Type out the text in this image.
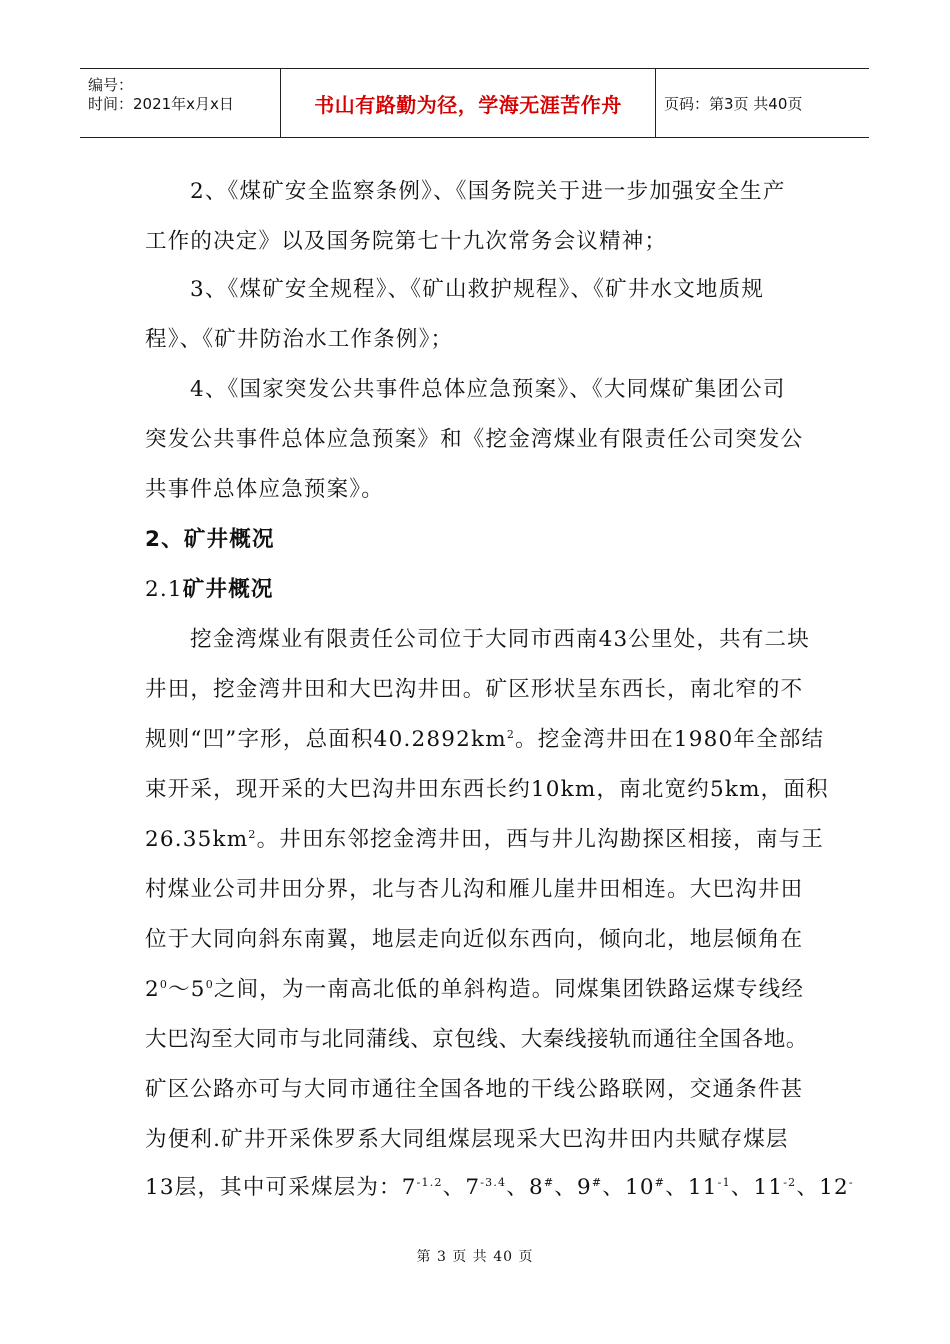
编号：
时间：2021年x月x日	书山有路勤为径，学海无涯苦作舟	页码：第3页 共40页
2、《煤矿安全监察条例》、《国务院关于进一步加强安全生产
工作的决定》以及国务院第七十九次常务会议精神；
3、《煤矿安全规程》、《矿山救护规程》、《矿井水文地质规
程》、《矿井防治水工作条例》；
4、《国家突发公共事件总体应急预案》、《大同煤矿集团公司
突发公共事件总体应急预案》和《挖金湾煤业有限责任公司突发公
共事件总体应急预案》。
2、矿井概况
2.1矿井概况
挖金湾煤业有限责任公司位于大同市西南43公里处，共有二块
井田，挖金湾井田和大巴沟井田。矿区形状呈东西长，南北窄的不
规则“凹”字形，总面积$40.2892km^2$。挖金湾井田在1980年全部结
束开采，现开采的大巴沟井田东西长约10km，南北宽约5km，面积
$26.35km^2$。井田东邻挖金湾井田，西与井儿沟勘探区相接，南与王
村煤业公司井田分界，北与杏儿沟和雁儿崖井田相连。大巴沟井田
位于大同向斜东南翼，地层走向近似东西向，倾向北，地层倾角在
$2^0\sim 5^0$之间，为一南高北低的单斜构造。同煤集团铁路运煤专线经
大巴沟至大同市与北同蒲线、京包线、大秦线接轨而通往全国各地。
矿区公路亦可与大同市通往全国各地的干线公路联网，交通条件甚
为便利.矿井开采侏罗系大同组煤层现采大巴沟井田内共赋存煤层
13层，其中可采煤层为：$7^{-1.2}$、$7^{-3.4}$、8#、9#、10#、$11^{-1}$、$11^{-2}$、12-
第 3 页 共 40 页
